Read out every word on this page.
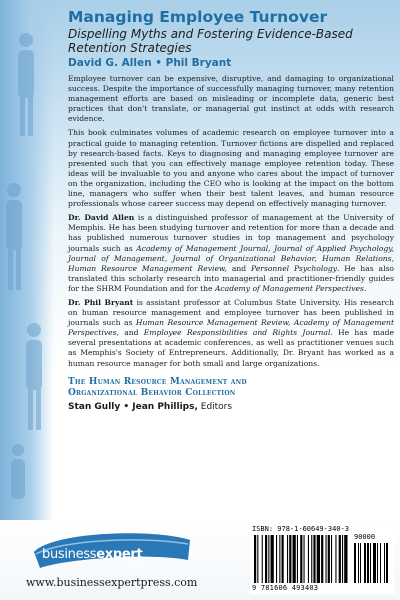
Managing Employee Turnover
Dispelling Myths and Fostering Evidence-Based Retention Strategies
David G. Allen • Phil Bryant

Employee turnover can be expensive, disruptive, and damaging to organizational success. Despite the importance of successfully managing turnover, many retention management efforts are based on misleading or incomplete data, generic best practices that don't translate, or managerial gut instinct at odds with research evidence.

This book culminates volumes of academic research on employee turnover into a practical guide to managing retention. Turnover fictions are dispelled and replaced by research-based facts. Keys to diagnosing and managing employee turnover are presented such that you can effectively manage employee retention today. These ideas will be invaluable to you and anyone who cares about the impact of turnover on the organization, including the CEO who is looking at the impact on the bottom line, managers who suffer when their best talent leaves, and human resource professionals whose career success may depend on effectively managing turnover.

Dr. David Allen is a distinguished professor of management at the University of Memphis. He has been studying turnover and retention for more than a decade and has published numerous turnover studies in top management and psychology journals such as Academy of Management Journal, Journal of Applied Psychology, Journal of Management, Journal of Organizational Behavior, Human Relations, Human Resource Management Review, and Personnel Psychology. He has also translated this scholarly research into managerial and practitioner-friendly guides for the SHRM Foundation and for the Academy of Management Perspectives.

Dr. Phil Bryant is assistant professor at Columbus State University. His research on human resource management and employee turnover has been published in journals such as Human Resource Management Review, Academy of Management Perspectives, and Employee Responsibilities and Rights Journal. He has made several presentations at academic conferences, as well as practitioner venues such as Memphis's Society of Entrepreneurs. Additionally, Dr. Bryant has worked as a human resource manager for both small and large organizations.

The Human Resource Management and
Organizational Behavior Collection
Stan Gully • Jean Phillips, Editors
businessexpert
Press
www.businessexpertpress.com
ISBN: 978-1-60649-340-3
90000
9 781606 493403
